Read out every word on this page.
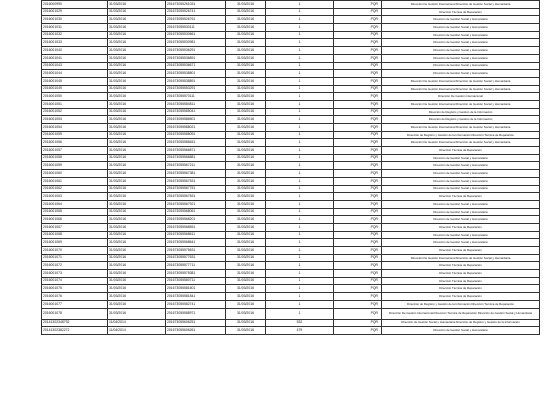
2016000990	31/03/2016	201673055261031	31/03/2016	1	PQR	Dirección De Gestión Internacional Dirección de Gestión Social y Humanitaria
2016001029	31/03/2016	201673055526741	31/03/2016	1	PQR	Dirección Técnica de Reparación
2016001030	31/03/2016	201673055526761	31/03/2016	1	PQR	Dirección de Gestión Social y Humanitaria
2016001031	31/03/2016	201673055530111	31/03/2016	1	PQR	Dirección de Gestión Social y Humanitaria
2016001032	31/03/2016	201673055530661	31/03/2016	1	PQR	Dirección de Gestión Social y Humanitaria
2016001033	31/03/2016	201673055530981	31/03/2016	1	PQR	Dirección de Gestión Social y Humanitaria
2016001040	31/03/2016	201673055536291	31/03/2016	1	PQR	Dirección de Gestión Social y Humanitaria
2016001041	31/03/2016	201673055536891	31/03/2016	1	PQR	Dirección de Gestión Social y Humanitaria
2016001043	31/03/2016	201673055536671	31/03/2016	1	PQR	Dirección de Gestión Social y Humanitaria
2016001044	31/03/2016	201673055538801	31/03/2016	1	PQR	Dirección de Gestión Social y Humanitaria
2016001045	31/03/2016	201673055538891	31/03/2016	1	PQR	Dirección De Gestión Internacional Dirección de Gestión Social y Humanitaria
2016001049	31/03/2016	201673055553291	31/03/2016	1	PQR	Dirección De Gestión Internacional Dirección de Gestión Social y Humanitaria
2016001050	31/03/2016	201673055570111	31/03/2016	1	PQR	Dirección De Gestión Internacional
2016001051	31/03/2016	201673055584811	31/03/2016	1	PQR	Dirección De Gestión Internacional Dirección de Gestión Social y Humanitaria
2016001052	31/03/2016	201673055585041	31/03/2016	1	PQR	Dirección de Registro y Gestión de la Información
2016001053	31/03/2016	201673055586501	31/03/2016	1	PQR	Dirección de Registro y Gestión de la Información
2016001054	31/03/2016	201673055588021	31/03/2016	1	PQR	Dirección De Gestión Internacional Dirección de Gestión Social y Humanitaria
2016001055	31/03/2016	201673055588091	31/03/2016	1	PQR	Dirección de Registro y Gestión de la Información Dirección Técnica de Reparación
2016001056	31/03/2016	201673055588451	31/03/2016	1	PQR	Dirección De Gestión Internacional Dirección de Gestión Social y Humanitaria
2016001057	31/03/2016	201673055566871	31/03/2016	1	PQR	Dirección Técnica de Reparación
2016001058	31/03/2016	201673055566881	31/03/2016	1	PQR	Dirección de Gestión Social y Humanitaria
2016001059	31/03/2016	201673055567211	31/03/2016	1	PQR	Dirección de Gestión Social y Humanitaria
2016001060	31/03/2016	201673055567381	31/03/2016	1	PQR	Dirección de Gestión Social y Humanitaria
2016001061	31/03/2016	201673055567531	31/03/2016	1	PQR	Dirección de Gestión Social y Humanitaria
2016001062	31/03/2016	201673055567751	31/03/2016	1	PQR	Dirección de Gestión Social y Humanitaria
2016001063	31/03/2016	201673055567831	31/03/2016	1	PQR	Dirección Técnica de Reparación
2016001064	31/03/2016	201673055567921	31/03/2016	1	PQR	Dirección de Gestión Social y Humanitaria
2016001065	31/03/2016	201673055568061	31/03/2016	1	PQR	Dirección de Gestión Social y Humanitaria
2016001066	31/03/2016	201673055568201	31/03/2016	1	PQR	Dirección de Gestión Social y Humanitaria
2016001067	31/03/2016	201673055568551	31/03/2016	1	PQR	Dirección Técnica de Reparación
2016001068	31/03/2016	201673055568611	31/03/2016	1	PQR	Dirección de Gestión Social y Humanitaria
2016001069	31/03/2016	201673055568641	31/03/2016	1	PQR	Dirección de Gestión Social y Humanitaria
2016001070	31/03/2016	201673055575631	31/03/2016	1	PQR	Dirección Técnica de Reparación
2016001071	31/03/2016	201673055577631	31/03/2016	1	PQR	Dirección De Gestión Internacional Dirección de Gestión Social y Humanitaria
2016001072	31/03/2016	201673055577711	31/03/2016	1	PQR	Dirección Técnica de Reparación
2016001073	31/03/2016	201673055578381	31/03/2016	1	PQR	Dirección Técnica de Reparación
2016001074	31/03/2016	201673055580711	31/03/2016	1	PQR	Dirección Técnica de Reparación
2016001075	31/03/2016	201673055581601	31/03/2016	1	PQR	Dirección Técnica de Reparación
2016001076	31/03/2016	201673055581841	31/03/2016	1	PQR	Dirección Técnica de Reparación
2016001077	31/03/2016	201673055582741	31/03/2016	1	PQR	Dirección de Registro y Gestión de la Información Dirección Técnica de Reparación
2016001078	31/03/2016	201673055588971	31/03/2016	1	PQR	Dirección De Gestión Internacional Dirección Técnica de Reparación Dirección de Gestión Social y Humanitaria
20141302348792	11/04/2014	201673055606251	31/03/2016	532	PQR	Dirección de Gestión Social y Humanitaria Dirección de Registro y Gestión de la Información
20141302382272	11/04/2014	201673055606261	31/03/2016	479	PQR	Dirección de Gestión Social y Humanitaria
